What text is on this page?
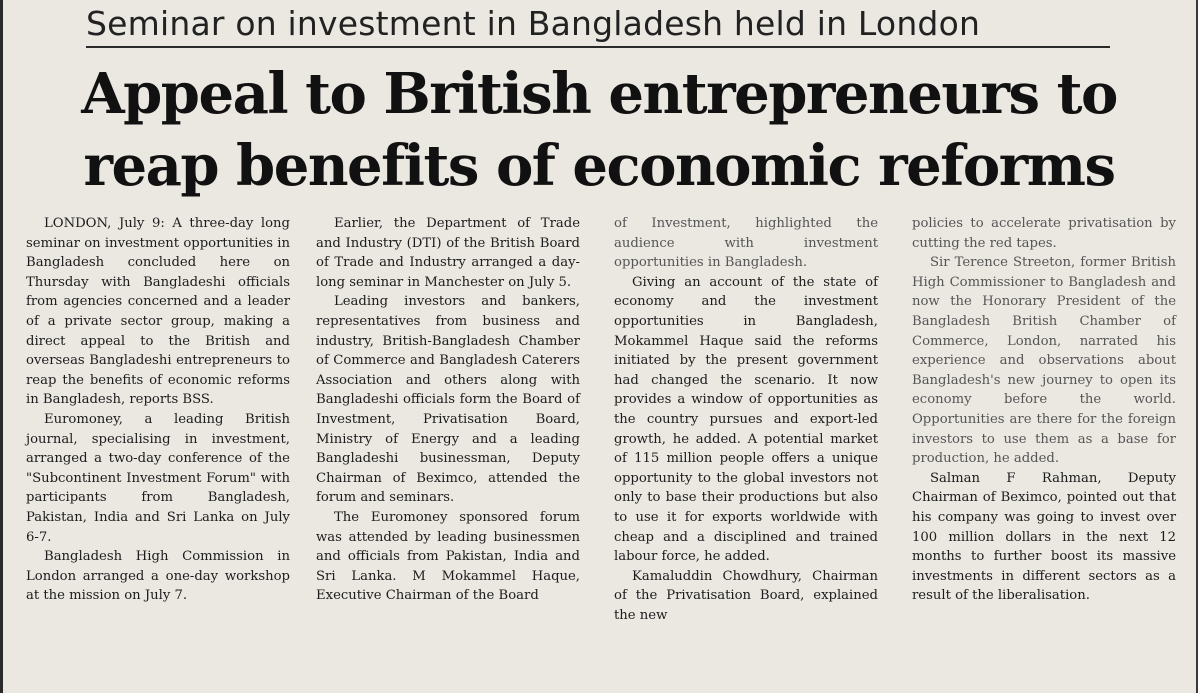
Seminar on investment in Bangladesh held in London
Appeal to British entrepreneurs to
reap benefits of economic reforms

LONDON, July 9: A three-day long seminar on investment opportunities in Bangladesh concluded here on Thursday with Bangladeshi officials from agencies concerned and a leader of a private sector group, making a direct appeal to the British and overseas Bangladeshi entrepreneurs to reap the benefits of economic reforms in Bangladesh, reports BSS.

Euromoney, a leading British journal, specialising in investment, arranged a two-day conference of the "Subcontinent Investment Forum" with participants from Bangladesh, Pakistan, India and Sri Lanka on July 6-7.

Bangladesh High Commission in London arranged a one-day workshop at the mission on July 7.

Earlier, the Department of Trade and Industry (DTI) of the British Board of Trade and Industry arranged a day-long seminar in Manchester on July 5.

Leading investors and bankers, representatives from business and industry, British-Bangladesh Chamber of Commerce and Bangladesh Caterers Association and others along with Bangladeshi officials form the Board of Investment, Privatisation Board, Ministry of Energy and a leading Bangladeshi businessman, Deputy Chairman of Beximco, attended the forum and seminars.

The Euromoney sponsored forum was attended by leading businessmen and officials from Pakistan, India and Sri Lanka. M Mokammel Haque, Executive Chairman of the Board

of Investment, highlighted the audience with investment opportunities in Bangladesh.

Giving an account of the state of economy and the investment opportunities in Bangladesh, Mokammel Haque said the reforms initiated by the present government had changed the scenario. It now provides a window of opportunities as the country pursues and export-led growth, he added. A potential market of 115 million people offers a unique opportunity to the global investors not only to base their productions but also to use it for exports worldwide with cheap and a disciplined and trained labour force, he added.

Kamaluddin Chowdhury, Chairman of the Privatisation Board, explained the new

policies to accelerate privatisation by cutting the red tapes.

Sir Terence Streeton, former British High Commissioner to Bangladesh and now the Honorary President of the Bangladesh British Chamber of Commerce, London, narrated his experience and observations about Bangladesh's new journey to open its economy before the world. Opportunities are there for the foreign investors to use them as a base for production, he added.

Salman F Rahman, Deputy Chairman of Beximco, pointed out that his company was going to invest over 100 million dollars in the next 12 months to further boost its massive investments in different sectors as a result of the liberalisation.
